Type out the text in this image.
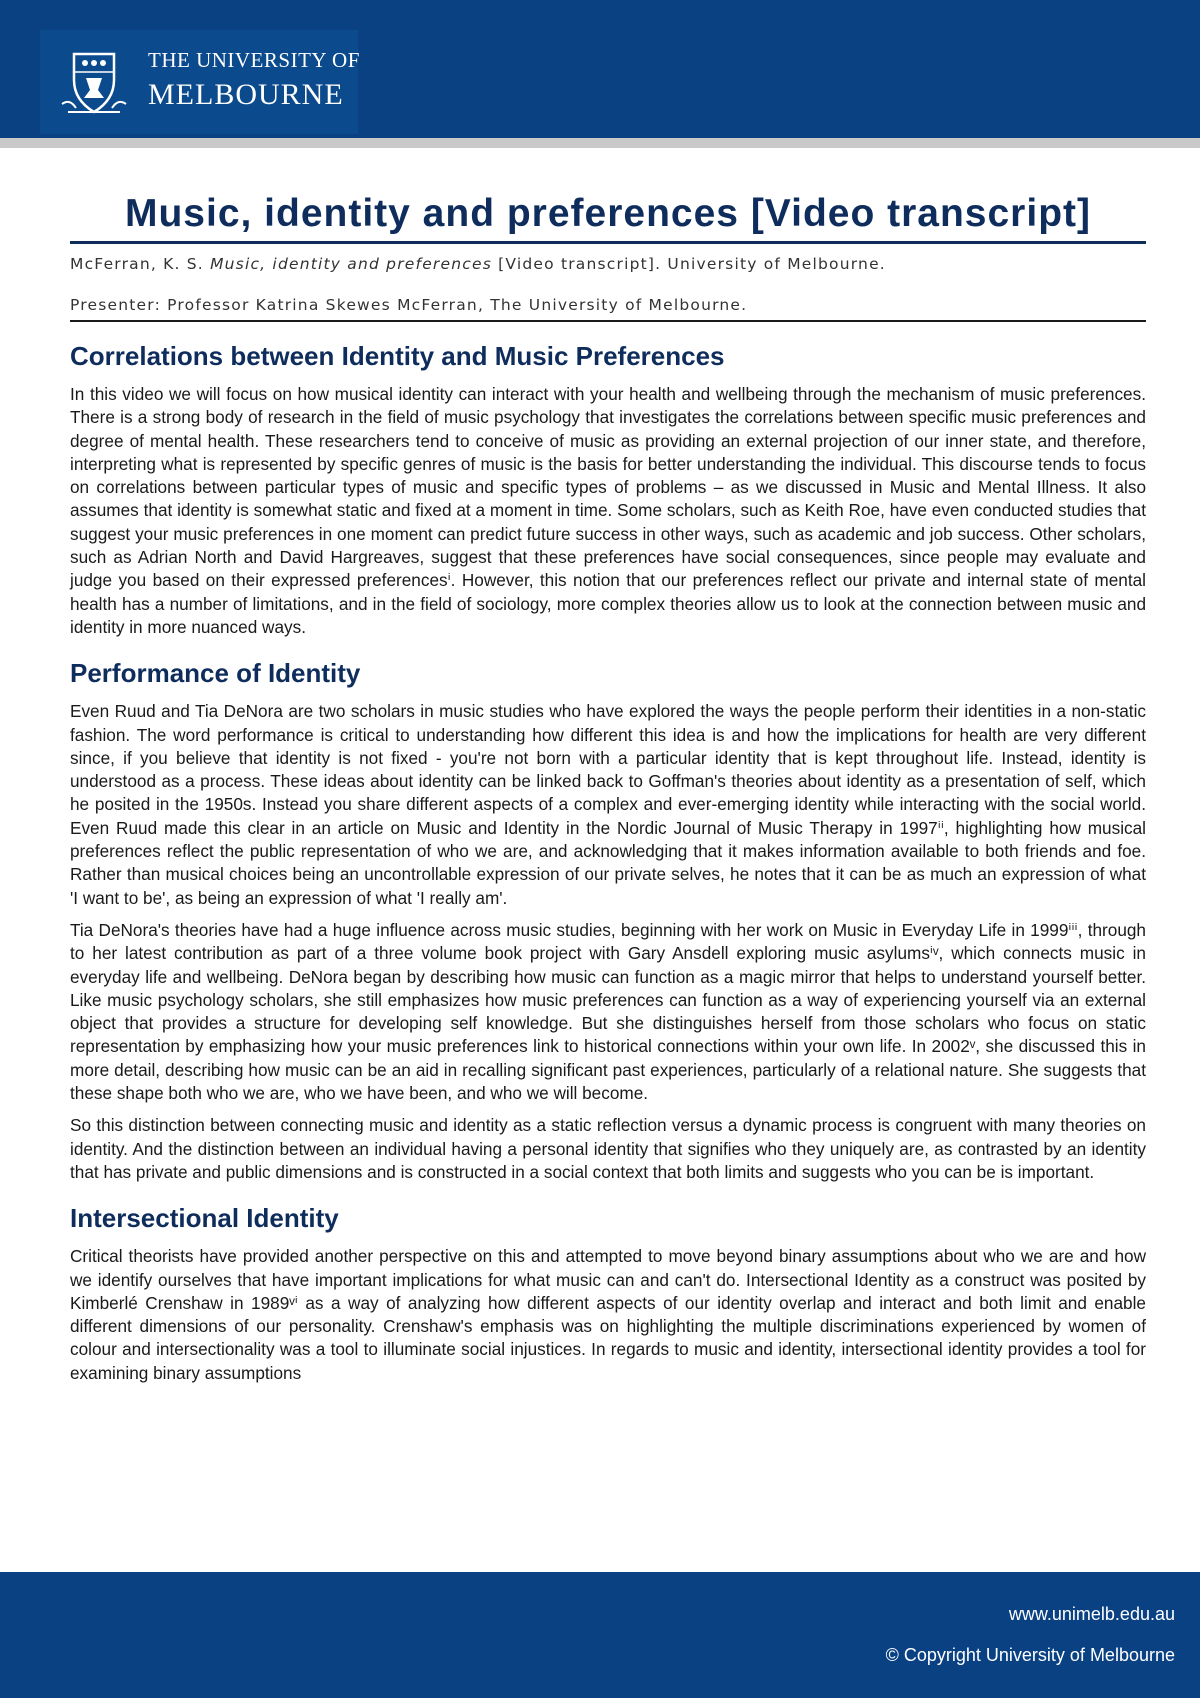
THE UNIVERSITY OF
MELBOURNE
Music, identity and preferences [Video transcript]
McFerran, K. S. Music, identity and preferences [Video transcript]. University of Melbourne.
Presenter: Professor Katrina Skewes McFerran, The University of Melbourne.
Correlations between Identity and Music Preferences

In this video we will focus on how musical identity can interact with your health and wellbeing through the mechanism of music preferences. There is a strong body of research in the field of music psychology that investigates the correlations between specific music preferences and degree of mental health. These researchers tend to conceive of music as providing an external projection of our inner state, and therefore, interpreting what is represented by specific genres of music is the basis for better understanding the individual. This discourse tends to focus on correlations between particular types of music and specific types of problems – as we discussed in Music and Mental Illness. It also assumes that identity is somewhat static and fixed at a moment in time. Some scholars, such as Keith Roe, have even conducted studies that suggest your music preferences in one moment can predict future success in other ways, such as academic and job success. Other scholars, such as Adrian North and David Hargreaves, suggest that these preferences have social consequences, since people may evaluate and judge you based on their expressed preferencesⁱ. However, this notion that our preferences reflect our private and internal state of mental health has a number of limitations, and in the field of sociology, more complex theories allow us to look at the connection between music and identity in more nuanced ways.

Performance of Identity

Even Ruud and Tia DeNora are two scholars in music studies who have explored the ways the people perform their identities in a non-static fashion. The word performance is critical to understanding how different this idea is and how the implications for health are very different since, if you believe that identity is not fixed - you're not born with a particular identity that is kept throughout life. Instead, identity is understood as a process. These ideas about identity can be linked back to Goffman's theories about identity as a presentation of self, which he posited in the 1950s. Instead you share different aspects of a complex and ever-emerging identity while interacting with the social world. Even Ruud made this clear in an article on Music and Identity in the Nordic Journal of Music Therapy in 1997ⁱⁱ, highlighting how musical preferences reflect the public representation of who we are, and acknowledging that it makes information available to both friends and foe. Rather than musical choices being an uncontrollable expression of our private selves, he notes that it can be as much an expression of what 'I want to be', as being an expression of what 'I really am'.

Tia DeNora's theories have had a huge influence across music studies, beginning with her work on Music in Everyday Life in 1999ⁱⁱⁱ, through to her latest contribution as part of a three volume book project with Gary Ansdell exploring music asylumsⁱᵛ, which connects music in everyday life and wellbeing. DeNora began by describing how music can function as a magic mirror that helps to understand yourself better. Like music psychology scholars, she still emphasizes how music preferences can function as a way of experiencing yourself via an external object that provides a structure for developing self knowledge. But she distinguishes herself from those scholars who focus on static representation by emphasizing how your music preferences link to historical connections within your own life. In 2002ᵛ, she discussed this in more detail, describing how music can be an aid in recalling significant past experiences, particularly of a relational nature. She suggests that these shape both who we are, who we have been, and who we will become.

So this distinction between connecting music and identity as a static reflection versus a dynamic process is congruent with many theories on identity. And the distinction between an individual having a personal identity that signifies who they uniquely are, as contrasted by an identity that has private and public dimensions and is constructed in a social context that both limits and suggests who you can be is important.

Intersectional Identity

Critical theorists have provided another perspective on this and attempted to move beyond binary assumptions about who we are and how we identify ourselves that have important implications for what music can and can't do. Intersectional Identity as a construct was posited by Kimberlé Crenshaw in 1989ᵛⁱ as a way of analyzing how different aspects of our identity overlap and interact and both limit and enable different dimensions of our personality. Crenshaw's emphasis was on highlighting the multiple discriminations experienced by women of colour and intersectionality was a tool to illuminate social injustices. In regards to music and identity, intersectional identity provides a tool for examining binary assumptions

www.unimelb.edu.au
© Copyright University of Melbourne
